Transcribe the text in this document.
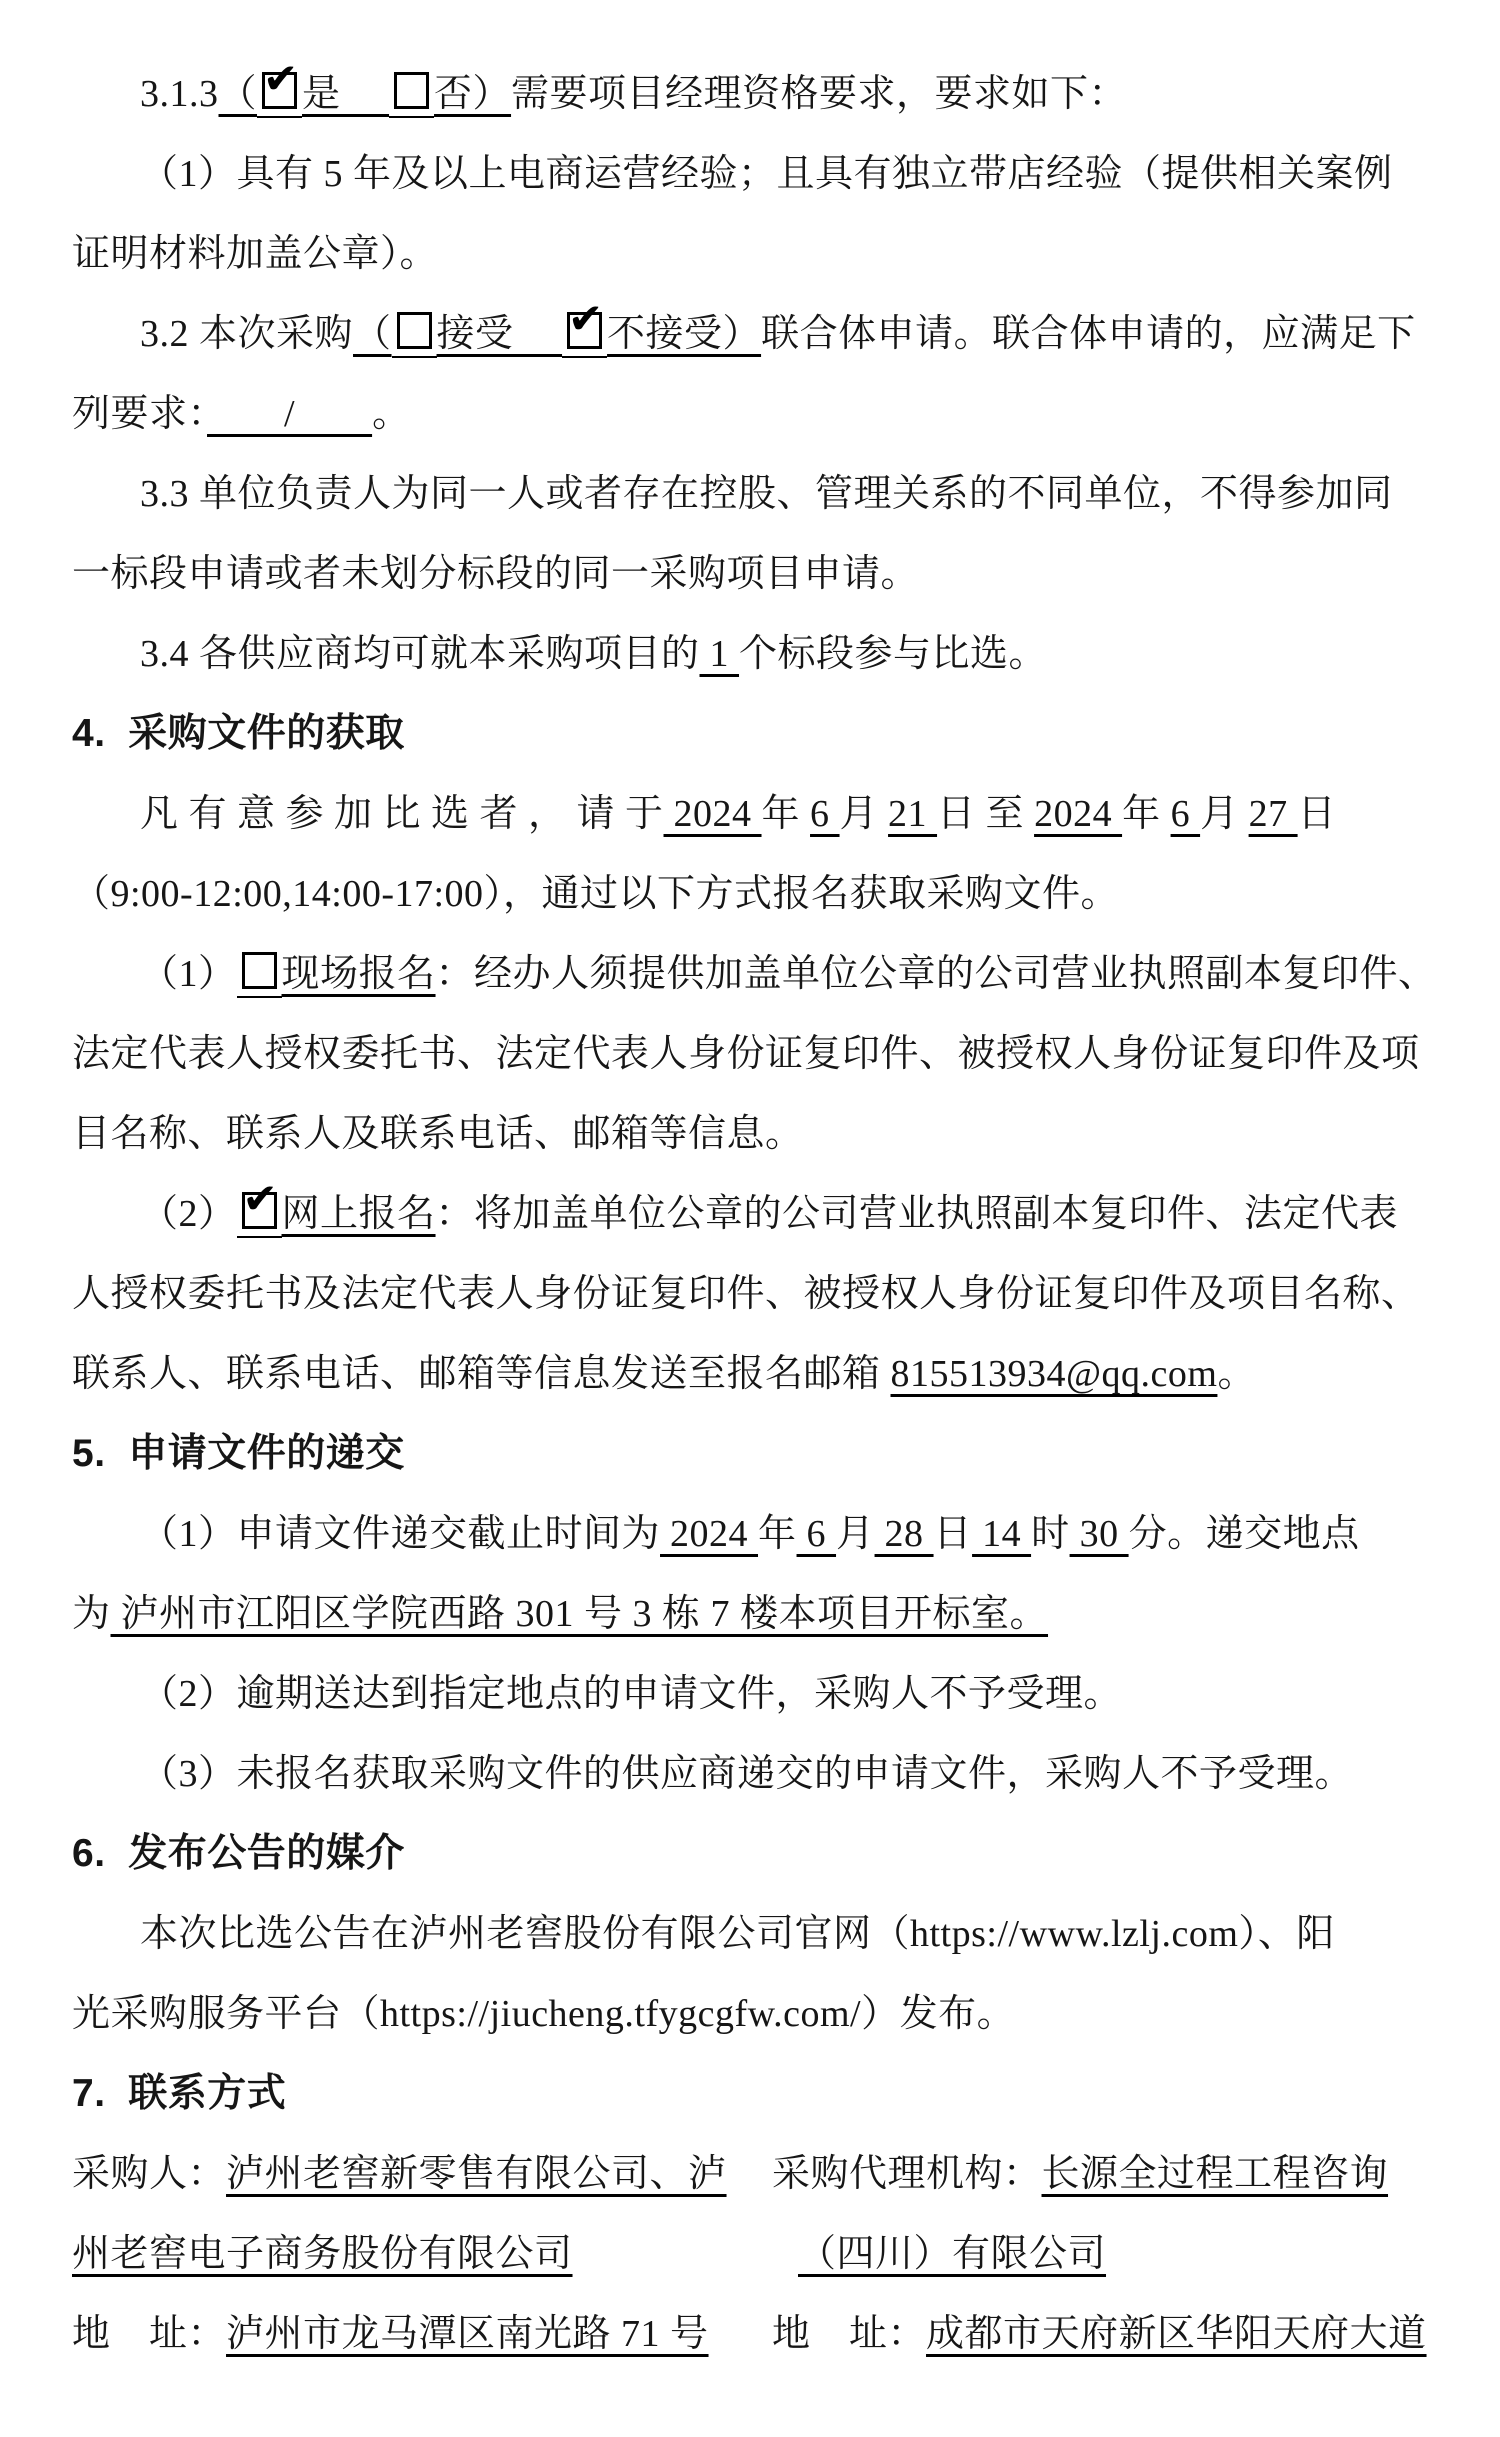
3.1.3（ ✔ 是　 否）需要项目经理资格要求，要求如下：
（1）具有 5 年及以上电商运营经验；且具有独立带店经验（提供相关案例
证明材料加盖公章）。
3.2 本次采购（ 接受　 ✔ 不接受）联合体申请。联合体申请的，应满足下
列要求：　　/　　。
3.3 单位负责人为同一人或者存在控股、管理关系的不同单位，不得参加同
一标段申请或者未划分标段的同一采购项目申请。
3.4 各供应商均可就本采购项目的 1 个标段参与比选。
4.  采购文件的获取
凡 有 意 参 加 比 选 者 ， 请 于 2024 年 6 月 21 日 至 2024 年 6 月 27 日
（9:00-12:00,14:00-17:00），通过以下方式报名获取采购文件。
（1） 现场报名：经办人须提供加盖单位公章的公司营业执照副本复印件、
法定代表人授权委托书、法定代表人身份证复印件、被授权人身份证复印件及项
目名称、联系人及联系电话、邮箱等信息。
（2） ✔ 网上报名：将加盖单位公章的公司营业执照副本复印件、法定代表
人授权委托书及法定代表人身份证复印件、被授权人身份证复印件及项目名称、
联系人、联系电话、邮箱等信息发送至报名邮箱 815513934@qq.com。
5.  申请文件的递交
（1）申请文件递交截止时间为 2024 年 6 月 28 日 14 时 30 分。递交地点
为 泸州市江阳区学院西路 301 号 3 栋 7 楼本项目开标室。
（2）逾期送达到指定地点的申请文件，采购人不予受理。
（3）未报名获取采购文件的供应商递交的申请文件，采购人不予受理。
6.  发布公告的媒介
本次比选公告在泸州老窖股份有限公司官网（https://www.lzlj.com）、阳
光采购服务平台（https://jiucheng.tfygcgfw.com/）发布。
7.  联系方式
采购人：泸州老窖新零售有限公司、泸	采购代理机构：长源全过程工程咨询
州老窖电子商务股份有限公司	（四川）有限公司
地　址：泸州市龙马潭区南光路 71 号	地　址：成都市天府新区华阳天府大道
